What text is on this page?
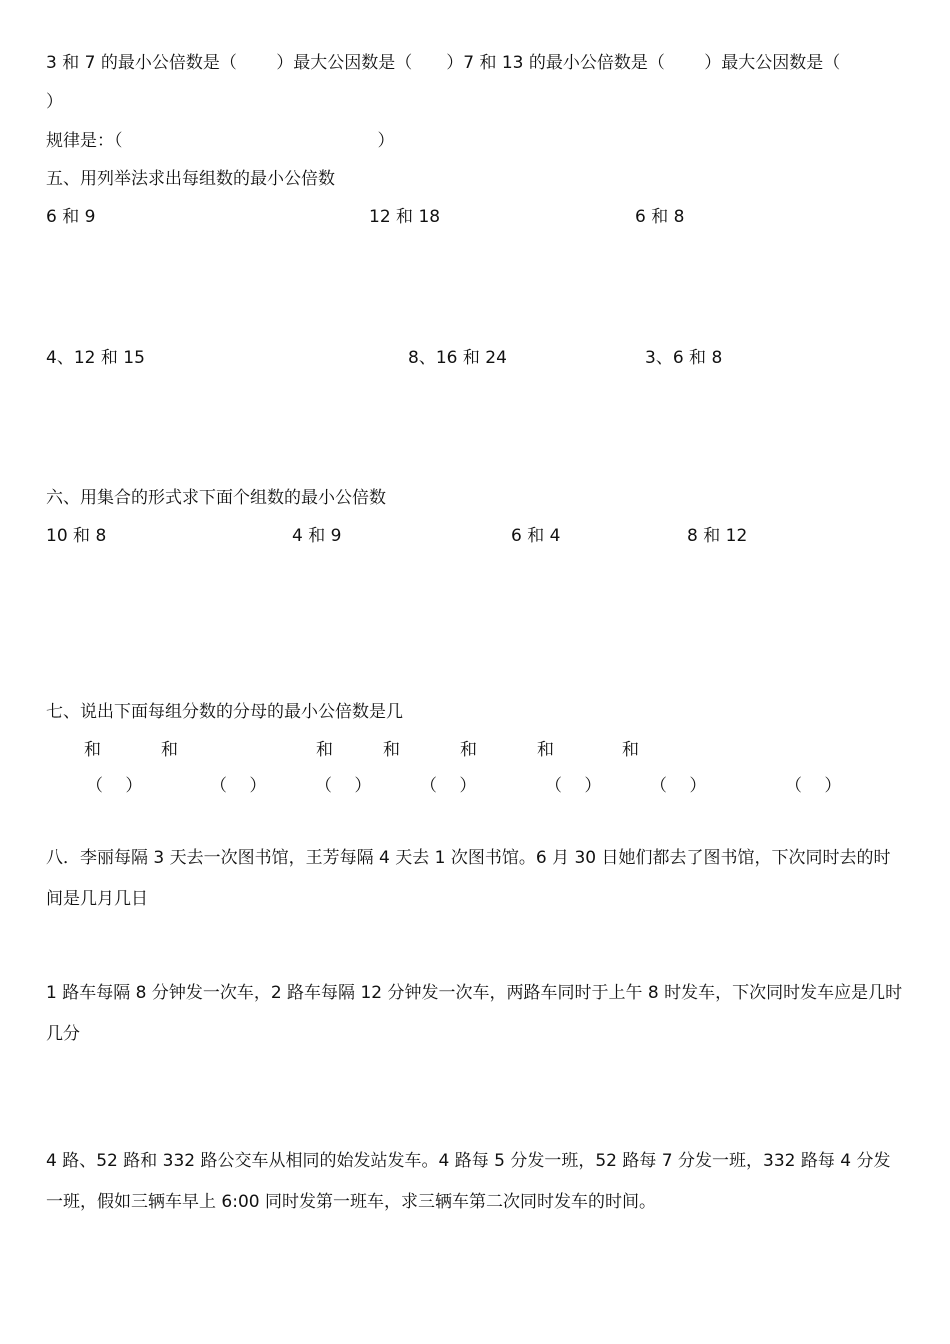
3 和 7 的最小公倍数是（　　 ）最大公因数是（　　）7 和 13 的最小公倍数是（　　 ）最大公因数是（
）
规律是：（　　　　　　　　　　　　　　　）
五、用列举法求出每组数的最小公倍数
6 和 9	12 和 18	6 和 8
4、12 和 15	8、16 和 24	3、6 和 8
六、用集合的形式求下面个组数的最小公倍数
10 和 8	4 和 9	6 和 4	8 和 12
七、说出下面每组分数的分母的最小公倍数是几
和	和	和	和	和	和	和
（　 ）	（　 ）	（　 ）	（　 ）	（　 ）	（　 ）	（　 ）
八．李丽每隔 3 天去一次图书馆，王芳每隔 4 天去 1 次图书馆。6 月 30 日她们都去了图书馆，下次同时去的时间是几月几日
1 路车每隔 8 分钟发一次车，2 路车每隔 12 分钟发一次车，两路车同时于上午 8 时发车，下次同时发车应是几时几分
4 路、52 路和 332 路公交车从相同的始发站发车。4 路每 5 分发一班，52 路每 7 分发一班，332 路每 4 分发一班，假如三辆车早上 6:00 同时发第一班车，求三辆车第二次同时发车的时间。
